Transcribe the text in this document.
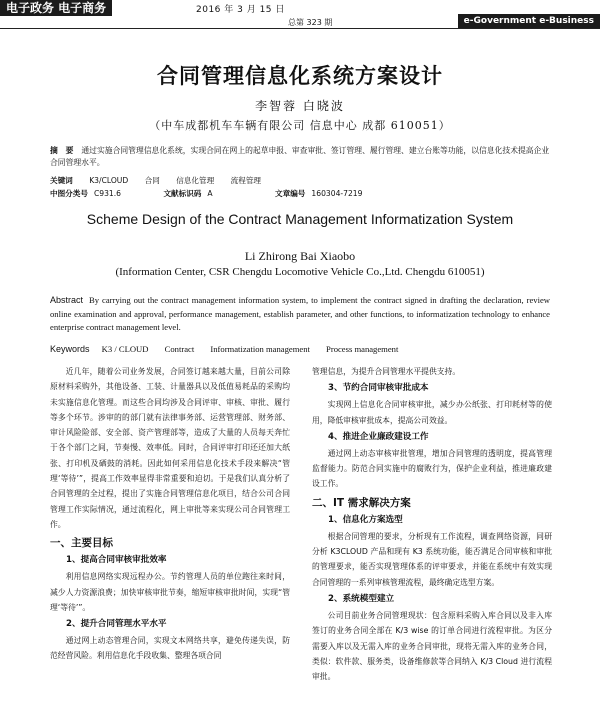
电子政务 电子商务	2016 年 3 月 15 日
总第 323 期	e-Government e-Business
合同管理信息化系统方案设计
李智蓉 白晓波
（中车成都机车车辆有限公司 信息中心 成都 610051）
摘　要 通过实施合同管理信息化系统，实现合同在网上的起草申报、审查审批、签订管理、履行管理、建立台账等功能，以信息化技术提高企业合同管理水平。
关键词 K3/CLOUD 合同 信息化管理 流程管理
中图分类号 C931.6	文献标识码 A	文章编号 160304-7219
Scheme Design of the Contract Management Informatization System
Li Zhirong Bai Xiaobo
(Information Center, CSR Chengdu Locomotive Vehicle Co.,Ltd. Chengdu 610051)
Abstract By carrying out the contract management information system, to implement the contract signed in drafting the declaration, review online examination and approval, performance management, establish parameter, and other functions, to informatization technology to enhance enterprise contract management level.
Keywords K3 / CLOUD Contract Informatization management Process management

近几年，随着公司业务发展，合同签订越来越大量，目前公司除原材料采购外，其他设备、工装、计量器具以及低值易耗品的采购均未实施信息化管理。而这些合同均涉及合同评审、审核、审批、履行等多个环节。涉审的的部门就有法律事务部、运营管理部、财务部、审计风险险部、安全部、资产管理部等，造成了大量的人员每天奔忙于各个部门之间，节奏慢、效率低。同时，合同评审打印还还加大纸张、打印机及硒鼓的消耗。因此如何采用信息化技术手段来解决“管理‘等待’”，提高工作效率显得非常重要和迫切。于是我们认真分析了合同管理的全过程，提出了实施合同管理信息化项目，结合公司合同管理工作实际情况，通过流程化，网上审批等来实现公司合同管理工作。

一、主要目标
1、提高合同审核审批效率

利用信息网络实现远程办公。节约管理人员的单位跑往来时间，减少人力资源浪费；加快审核审批节奏，缩短审核审批时间，实现“管理‘等待’”。

2、提升合同管理水平水平

通过网上动态管理合同，实现文本网络共享，避免传递失误，防范经营风险。利用信息化手段收集、整理各项合同

管理信息，为提升合同管理水平提供支持。

3、节约合同审核审批成本

实现网上信息化合同审核审批，减少办公纸张、打印耗材等的使用，降低审核审批成本，提高公司效益。

4、推进企业廉政建设工作

通过网上动态审核审批管理，增加合同管理的透明度，提高管理监督能力。防范合同实施中的腐败行为，保护企业利益，推进廉政建设工作。

二、IT 需求解决方案
1、信息化方案选型

根据合同管理的要求，分析现有工作流程，调查网络资源，同研分析 K3CLOUD 产品和现有 K3 系统功能，能否满足合同审核和审批的管理要求，能否实现管理体系的评审要求，并能在系统中有效实现合同管理的一系列审核管理流程，最终确定选型方案。

2、系统模型建立

公司目前业务合同管理现状：包含原料采购入库合同以及非入库签订的业务合同全部在 K/3 wise 的订单合同进行流程审批。为区分需要入库以及无需入库的业务合同审批，现将无需入库的业务合同，类似：软件款、服务类，设备维修款等合同纳入 K/3 Cloud 进行流程审批。
